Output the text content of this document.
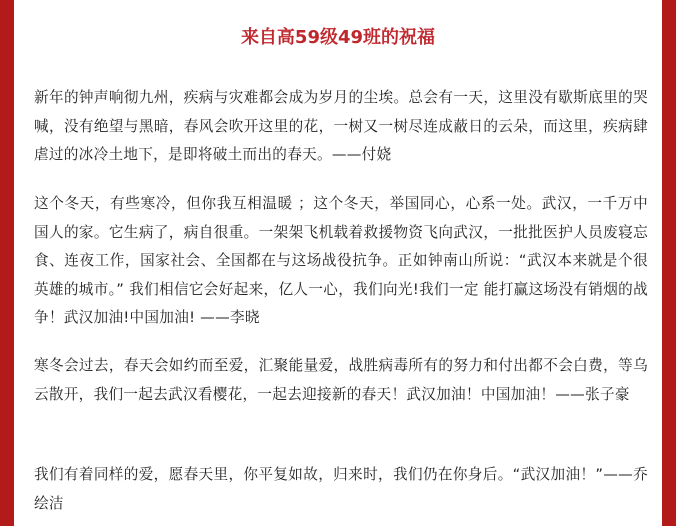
来自高59级49班的祝福

新年的钟声响彻九州，疾病与灾难都会成为岁月的尘埃。总会有一天，这里没有歇斯底里的哭喊，没有绝望与黑暗，春风会吹开这里的花，一树又一树尽连成蔽日的云朵，而这里，疾病肆虐过的冰冷土地下，是即将破土而出的春天。——付娆

这个冬天，有些寒冷，但你我互相温暖 ；这个冬天，举国同心，心系一处。武汉，一千万中国人的家。它生病了，病自很重。一架架飞机载着救援物资飞向武汉，一批批医护人员废寝忘食、连夜工作，国家社会、全国都在与这场战役抗争。正如钟南山所说：“武汉本来就是个很英雄的城市。” 我们相信它会好起来，亿人一心，我们向光!我们一定 能打赢这场没有销烟的战争！武汉加油!中国加油! ——李晓

寒冬会过去，春天会如约而至爱，汇聚能量爱，战胜病毒所有的努力和付出都不会白费，等乌云散开，我们一起去武汉看樱花，一起去迎接新的春天！武汉加油！中国加油！——张子豪

我们有着同样的爱，愿春天里，你平复如故，归来时，我们仍在你身后。“武汉加油！”——乔绘洁
